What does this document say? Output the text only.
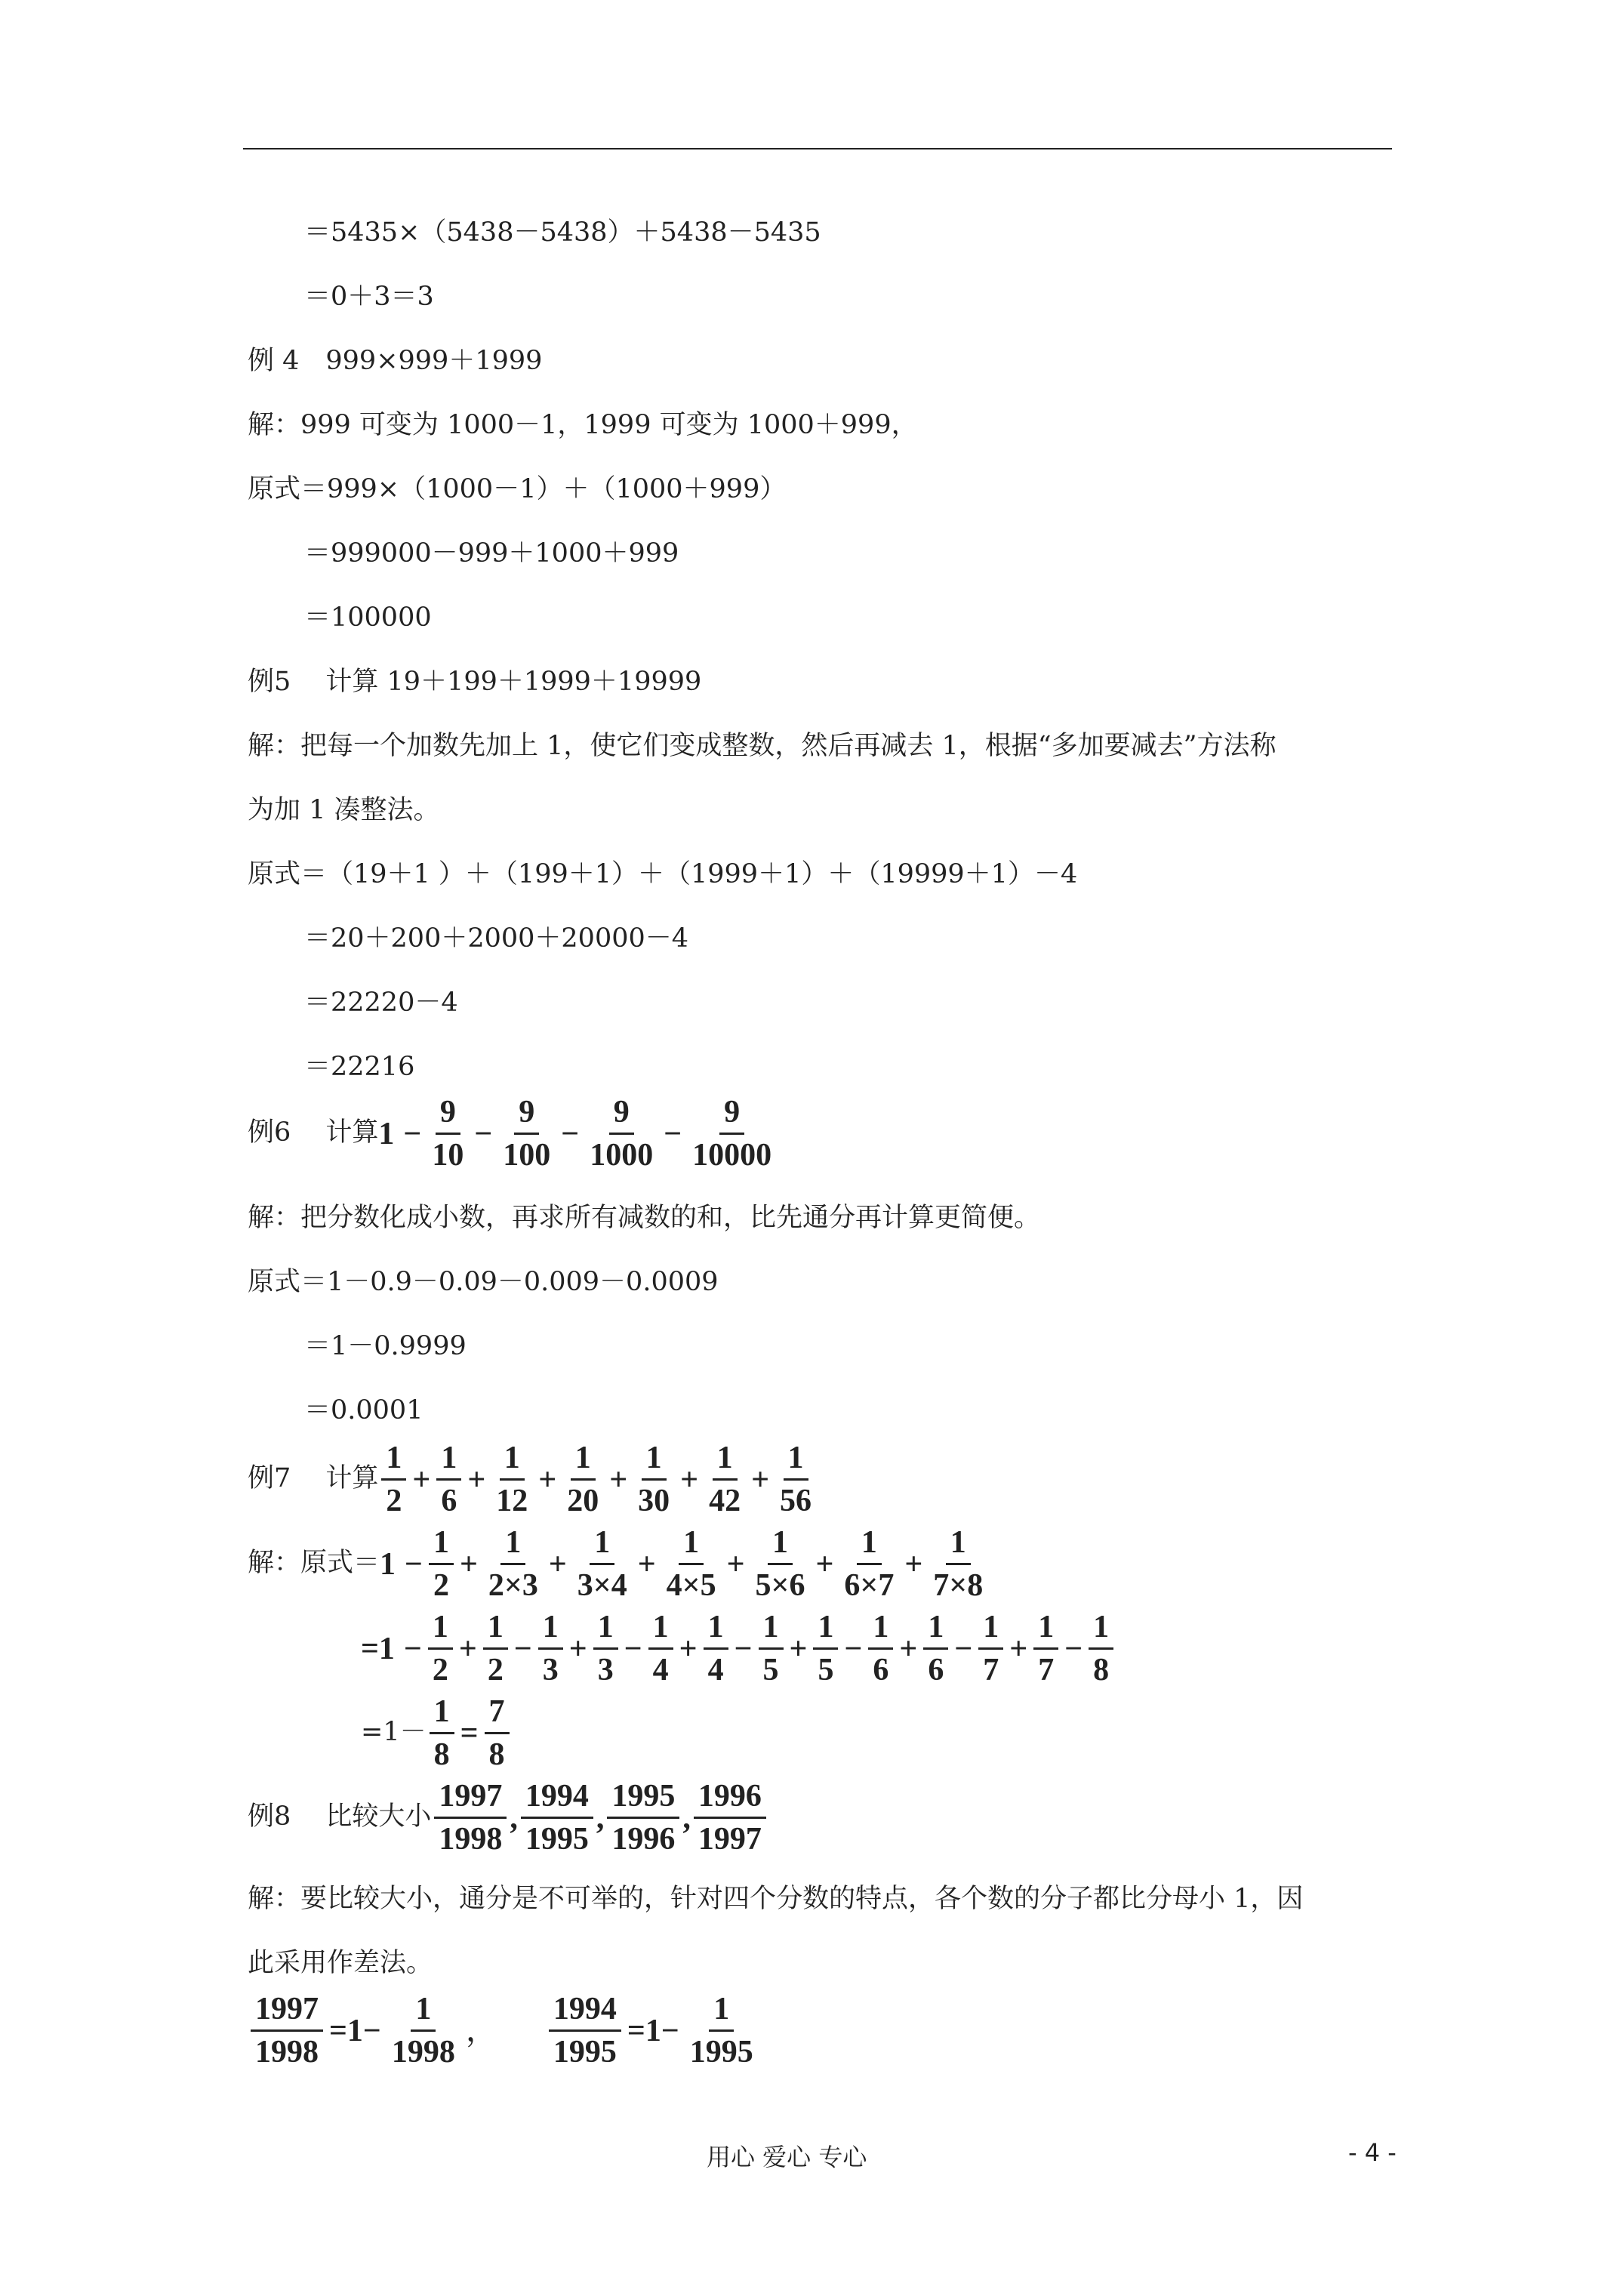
＝5435×（5438－5438）＋5438－5435
＝0＋3＝3
例 4　999×999＋1999
解：999 可变为 1000－1，1999 可变为 1000＋999，
原式＝999×（1000－1）＋（1000＋999）
＝999000－999＋1000＋999
＝100000
例5　 计算 19＋199＋1999＋19999
解：把每一个加数先加上 1，使它们变成整数，然后再减去 1，根据“多加要减去”方法称
为加 1 凑整法。
原式＝（19＋1 ）＋（199＋1）＋（1999＋1）＋（19999＋1）－4
＝20＋200＋2000＋20000－4
＝22220－4
＝22216
例6　 计算 $1 - \frac{9}{10} - \frac{9}{100} - \frac{9}{1000} - \frac{9}{10000}$
解：把分数化成小数，再求所有减数的和，比先通分再计算更简便。
原式＝1－0.9－0.09－0.009－0.0009
＝1－0.9999
＝0.0001
例7　 计算 $\frac{1}{2} + \frac{1}{6} + \frac{1}{12} + \frac{1}{20} + \frac{1}{30} + \frac{1}{42} + \frac{1}{56}$
解：原式＝ $1 - \frac{1}{2} + \frac{1}{2\times 3} + \frac{1}{3\times 4} + \frac{1}{4\times 5} + \frac{1}{5\times 6} + \frac{1}{6\times 7} + \frac{1}{7\times 8}$
$=1 - \frac{1}{2} + \frac{1}{2} - \frac{1}{3} + \frac{1}{3} - \frac{1}{4} + \frac{1}{4} - \frac{1}{5} + \frac{1}{5} - \frac{1}{6} + \frac{1}{6} - \frac{1}{7} + \frac{1}{7} - \frac{1}{8}$
$=1- \frac{1}{8} = \frac{7}{8}$
例8　 比较大小 $\frac{1997}{1998}$ , $\frac{1994}{1995}$ , $\frac{1995}{1996}$ , $\frac{1996}{1997}$
解：要比较大小，通分是不可举的，针对四个分数的特点，各个数的分子都比分母小 1，因
此采用作差法。
$\frac{1997}{1998} =1- \frac{1}{1998}$ ， $\frac{1994}{1995} =1- \frac{1}{1995}$
用心 爱心 专心	- 4 -
